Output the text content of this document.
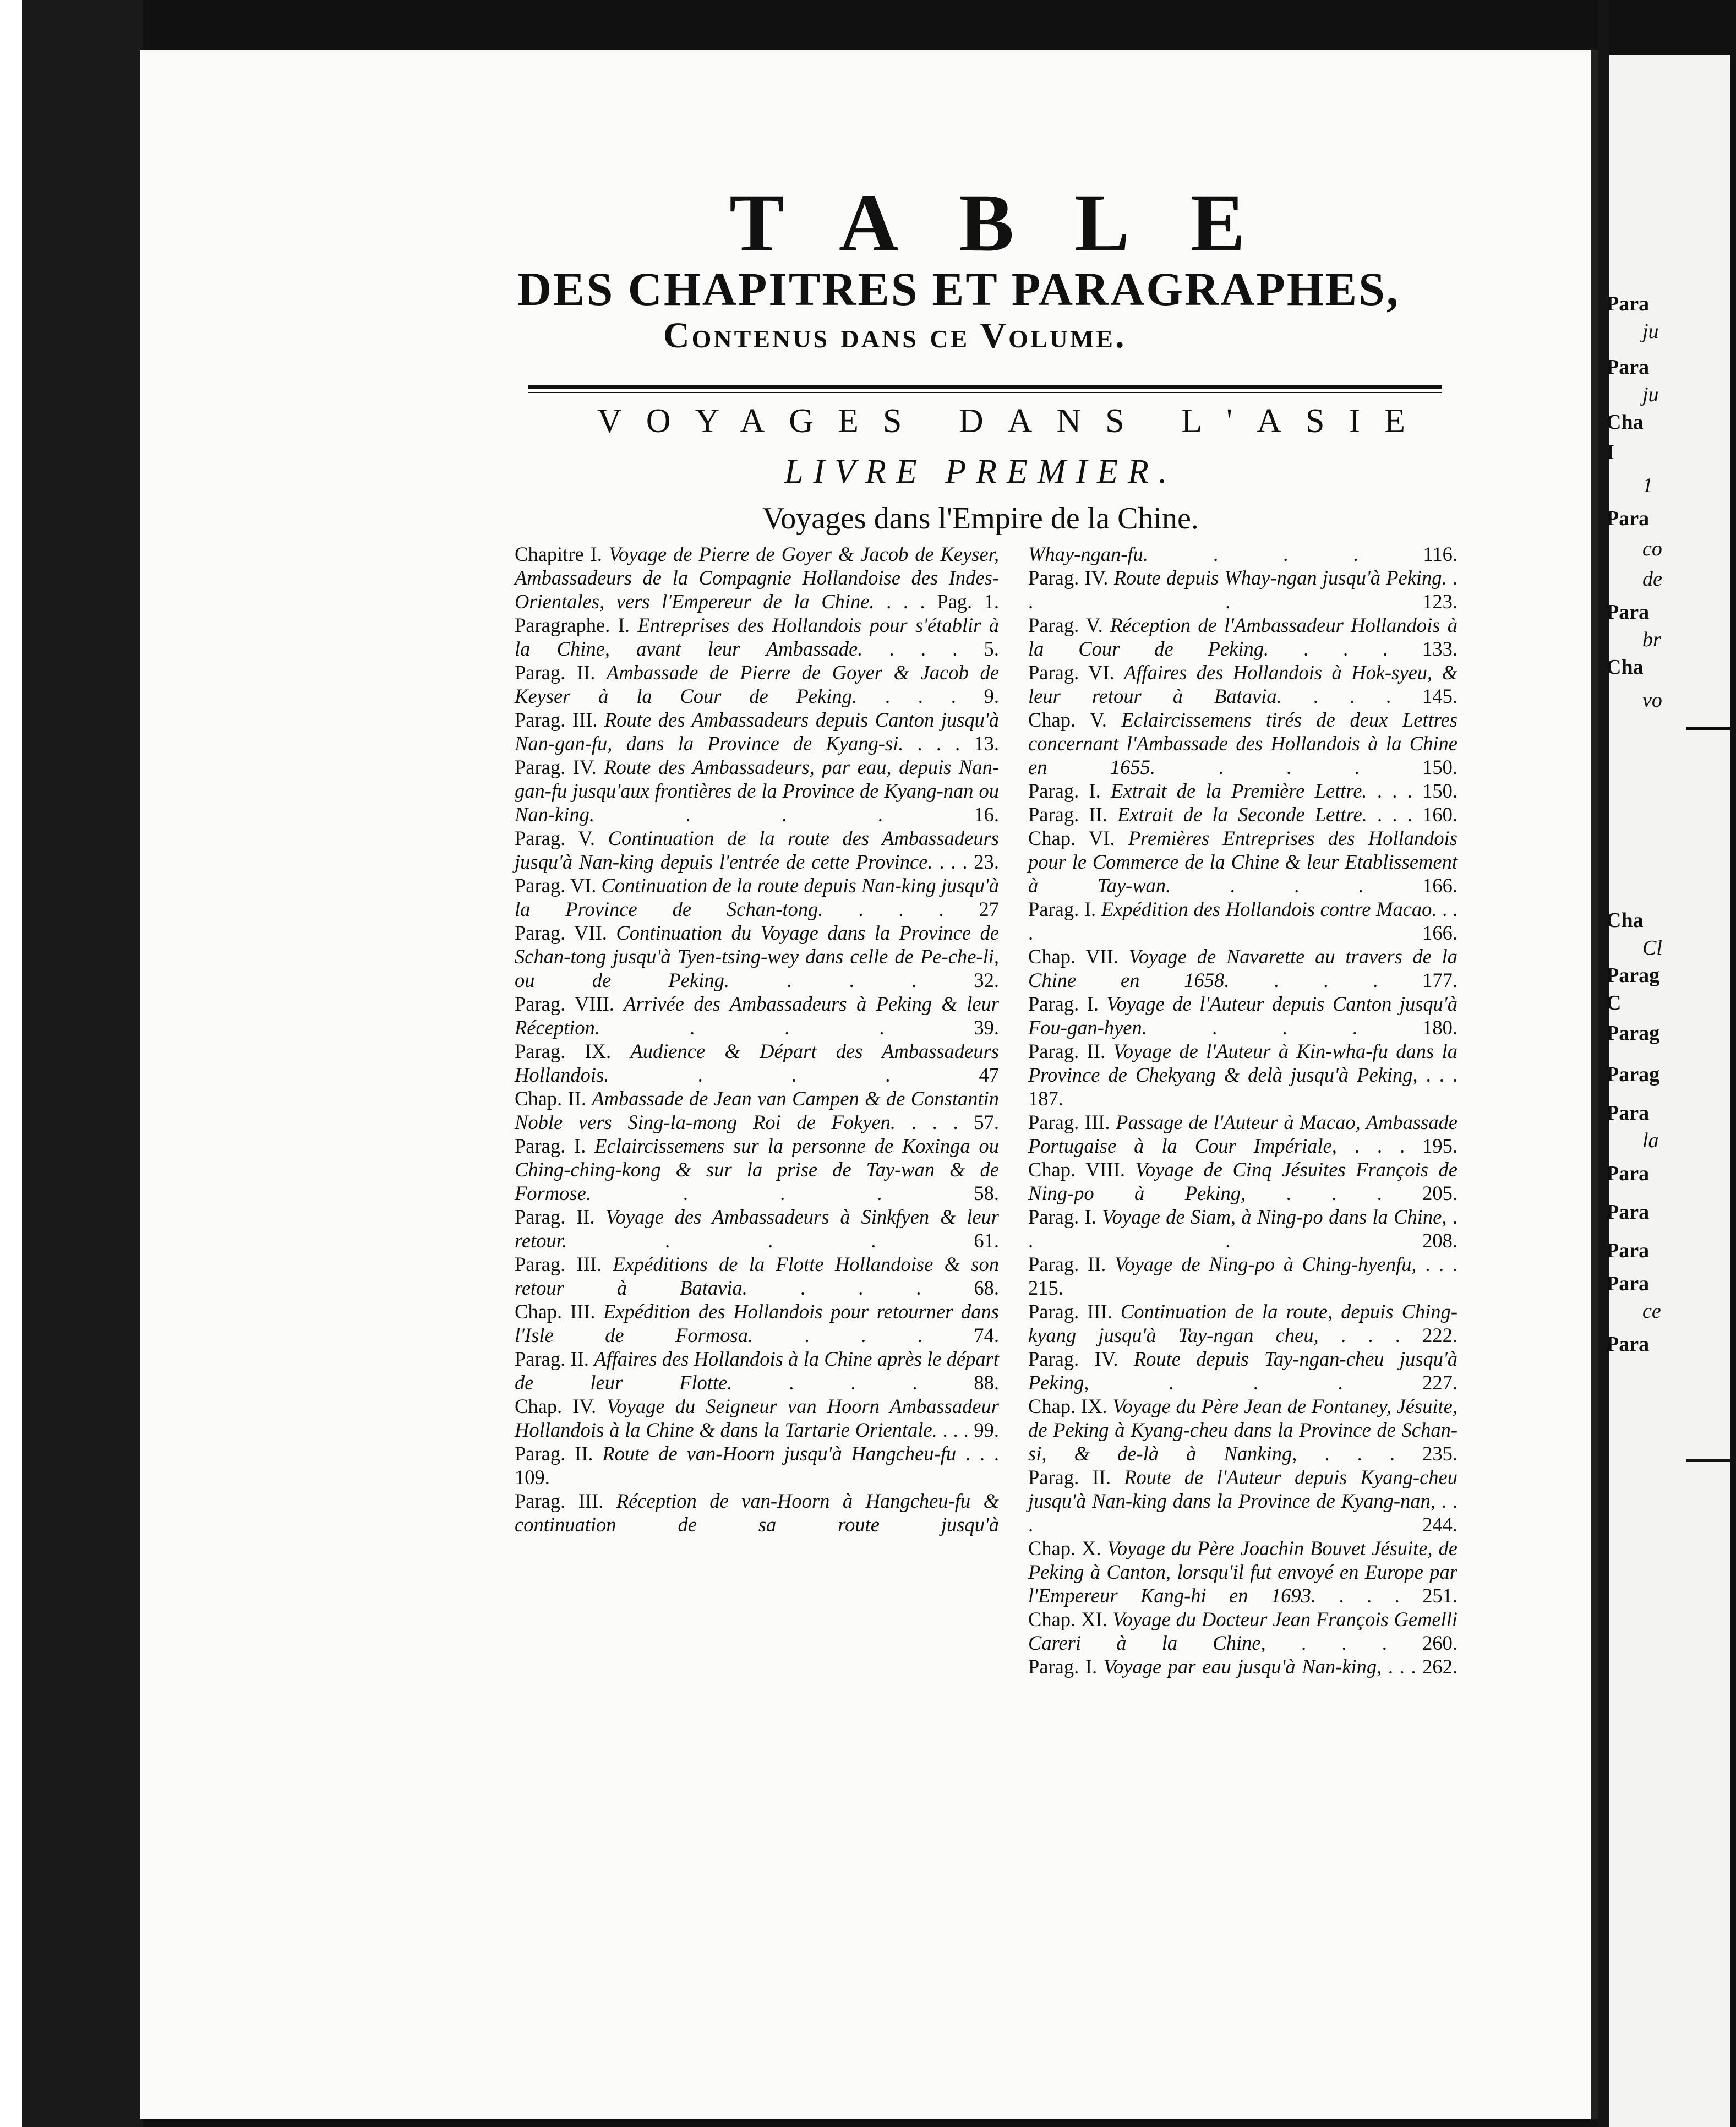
Para
ju
Para
ju
Cha
I
1
Para
co
de
Para
br
Cha
vo
Cha
Cl
Parag
C
Parag
Parag
Para
la
Para
Para
Para
Para
ce
Para
TABLE
DES CHAPITRES ET PARAGRAPHES,
Contenus dans ce Volume.
VOYAGES DANS L'ASIE
LIVRE PREMIER.
Voyages dans l'Empire de la Chine.
Chapitre I. Voyage de Pierre de Goyer & Jacob de Keyser, Ambassadeurs de la Compagnie Hollandoise des Indes-Orientales, vers l'Empereur de la Chine. . . . Pag. 1.
Paragraphe. I. Entreprises des Hollandois pour s'établir à la Chine, avant leur Ambassade. . . . 5.
Parag. II. Ambassade de Pierre de Goyer & Jacob de Keyser à la Cour de Peking. . . . 9.
Parag. III. Route des Ambassadeurs depuis Canton jusqu'à Nan-gan-fu, dans la Province de Kyang-si. . . . 13.
Parag. IV. Route des Ambassadeurs, par eau, depuis Nan-gan-fu jusqu'aux frontières de la Province de Kyang-nan ou Nan-king. . . . 16.
Parag. V. Continuation de la route des Ambassadeurs jusqu'à Nan-king depuis l'entrée de cette Province. . . . 23.
Parag. VI. Continuation de la route depuis Nan-king jusqu'à la Province de Schan-tong. . . . 27
Parag. VII. Continuation du Voyage dans la Province de Schan-tong jusqu'à Tyen-tsing-wey dans celle de Pe-che-li, ou de Peking. . . . 32.
Parag. VIII. Arrivée des Ambassadeurs à Peking & leur Réception. . . . 39.
Parag. IX. Audience & Départ des Ambassadeurs Hollandois. . . . 47
Chap. II. Ambassade de Jean van Campen & de Constantin Noble vers Sing-la-mong Roi de Fokyen. . . . 57.
Parag. I. Eclaircissemens sur la personne de Koxinga ou Ching-ching-kong & sur la prise de Tay-wan & de Formose. . . . 58.
Parag. II. Voyage des Ambassadeurs à Sinkfyen & leur retour. . . . 61.
Parag. III. Expéditions de la Flotte Hollandoise & son retour à Batavia. . . . 68.
Chap. III. Expédition des Hollandois pour retourner dans l'Isle de Formosa. . . . 74.
Parag. II. Affaires des Hollandois à la Chine après le départ de leur Flotte. . . . 88.
Chap. IV. Voyage du Seigneur van Hoorn Ambassadeur Hollandois à la Chine & dans la Tartarie Orientale. . . . 99.
Parag. II. Route de van-Hoorn jusqu'à Hangcheu-fu . . . 109.
Parag. III. Réception de van-Hoorn à Hangcheu-fu & continuation de sa route jusqu'à
Whay-ngan-fu. . . . 116.
Parag. IV. Route depuis Whay-ngan jusqu'à Peking. . . . 123.
Parag. V. Réception de l'Ambassadeur Hollandois à la Cour de Peking. . . . 133.
Parag. VI. Affaires des Hollandois à Hok-syeu, & leur retour à Batavia. . . . 145.
Chap. V. Eclaircissemens tirés de deux Lettres concernant l'Ambassade des Hollandois à la Chine en 1655. . . . 150.
Parag. I. Extrait de la Première Lettre. . . . 150.
Parag. II. Extrait de la Seconde Lettre. . . . 160.
Chap. VI. Premières Entreprises des Hollandois pour le Commerce de la Chine & leur Etablissement à Tay-wan. . . . 166.
Parag. I. Expédition des Hollandois contre Macao. . . . 166.
Chap. VII. Voyage de Navarette au travers de la Chine en 1658. . . . 177.
Parag. I. Voyage de l'Auteur depuis Canton jusqu'à Fou-gan-hyen. . . . 180.
Parag. II. Voyage de l'Auteur à Kin-wha-fu dans la Province de Chekyang & delà jusqu'à Peking, . . . 187.
Parag. III. Passage de l'Auteur à Macao, Ambassade Portugaise à la Cour Impériale, . . . 195.
Chap. VIII. Voyage de Cinq Jésuites François de Ning-po à Peking, . . . 205.
Parag. I. Voyage de Siam, à Ning-po dans la Chine, . . . 208.
Parag. II. Voyage de Ning-po à Ching-hyenfu, . . . 215.
Parag. III. Continuation de la route, depuis Ching-kyang jusqu'à Tay-ngan cheu, . . . 222.
Parag. IV. Route depuis Tay-ngan-cheu jusqu'à Peking, . . . 227.
Chap. IX. Voyage du Père Jean de Fontaney, Jésuite, de Peking à Kyang-cheu dans la Province de Schan-si, & de-là à Nanking, . . . 235.
Parag. II. Route de l'Auteur depuis Kyang-cheu jusqu'à Nan-king dans la Province de Kyang-nan, . . . 244.
Chap. X. Voyage du Père Joachin Bouvet Jésuite, de Peking à Canton, lorsqu'il fut envoyé en Europe par l'Empereur Kang-hi en 1693. . . . 251.
Chap. XI. Voyage du Docteur Jean François Gemelli Careri à la Chine, . . . 260.
Parag. I. Voyage par eau jusqu'à Nan-king, . . . 262.
